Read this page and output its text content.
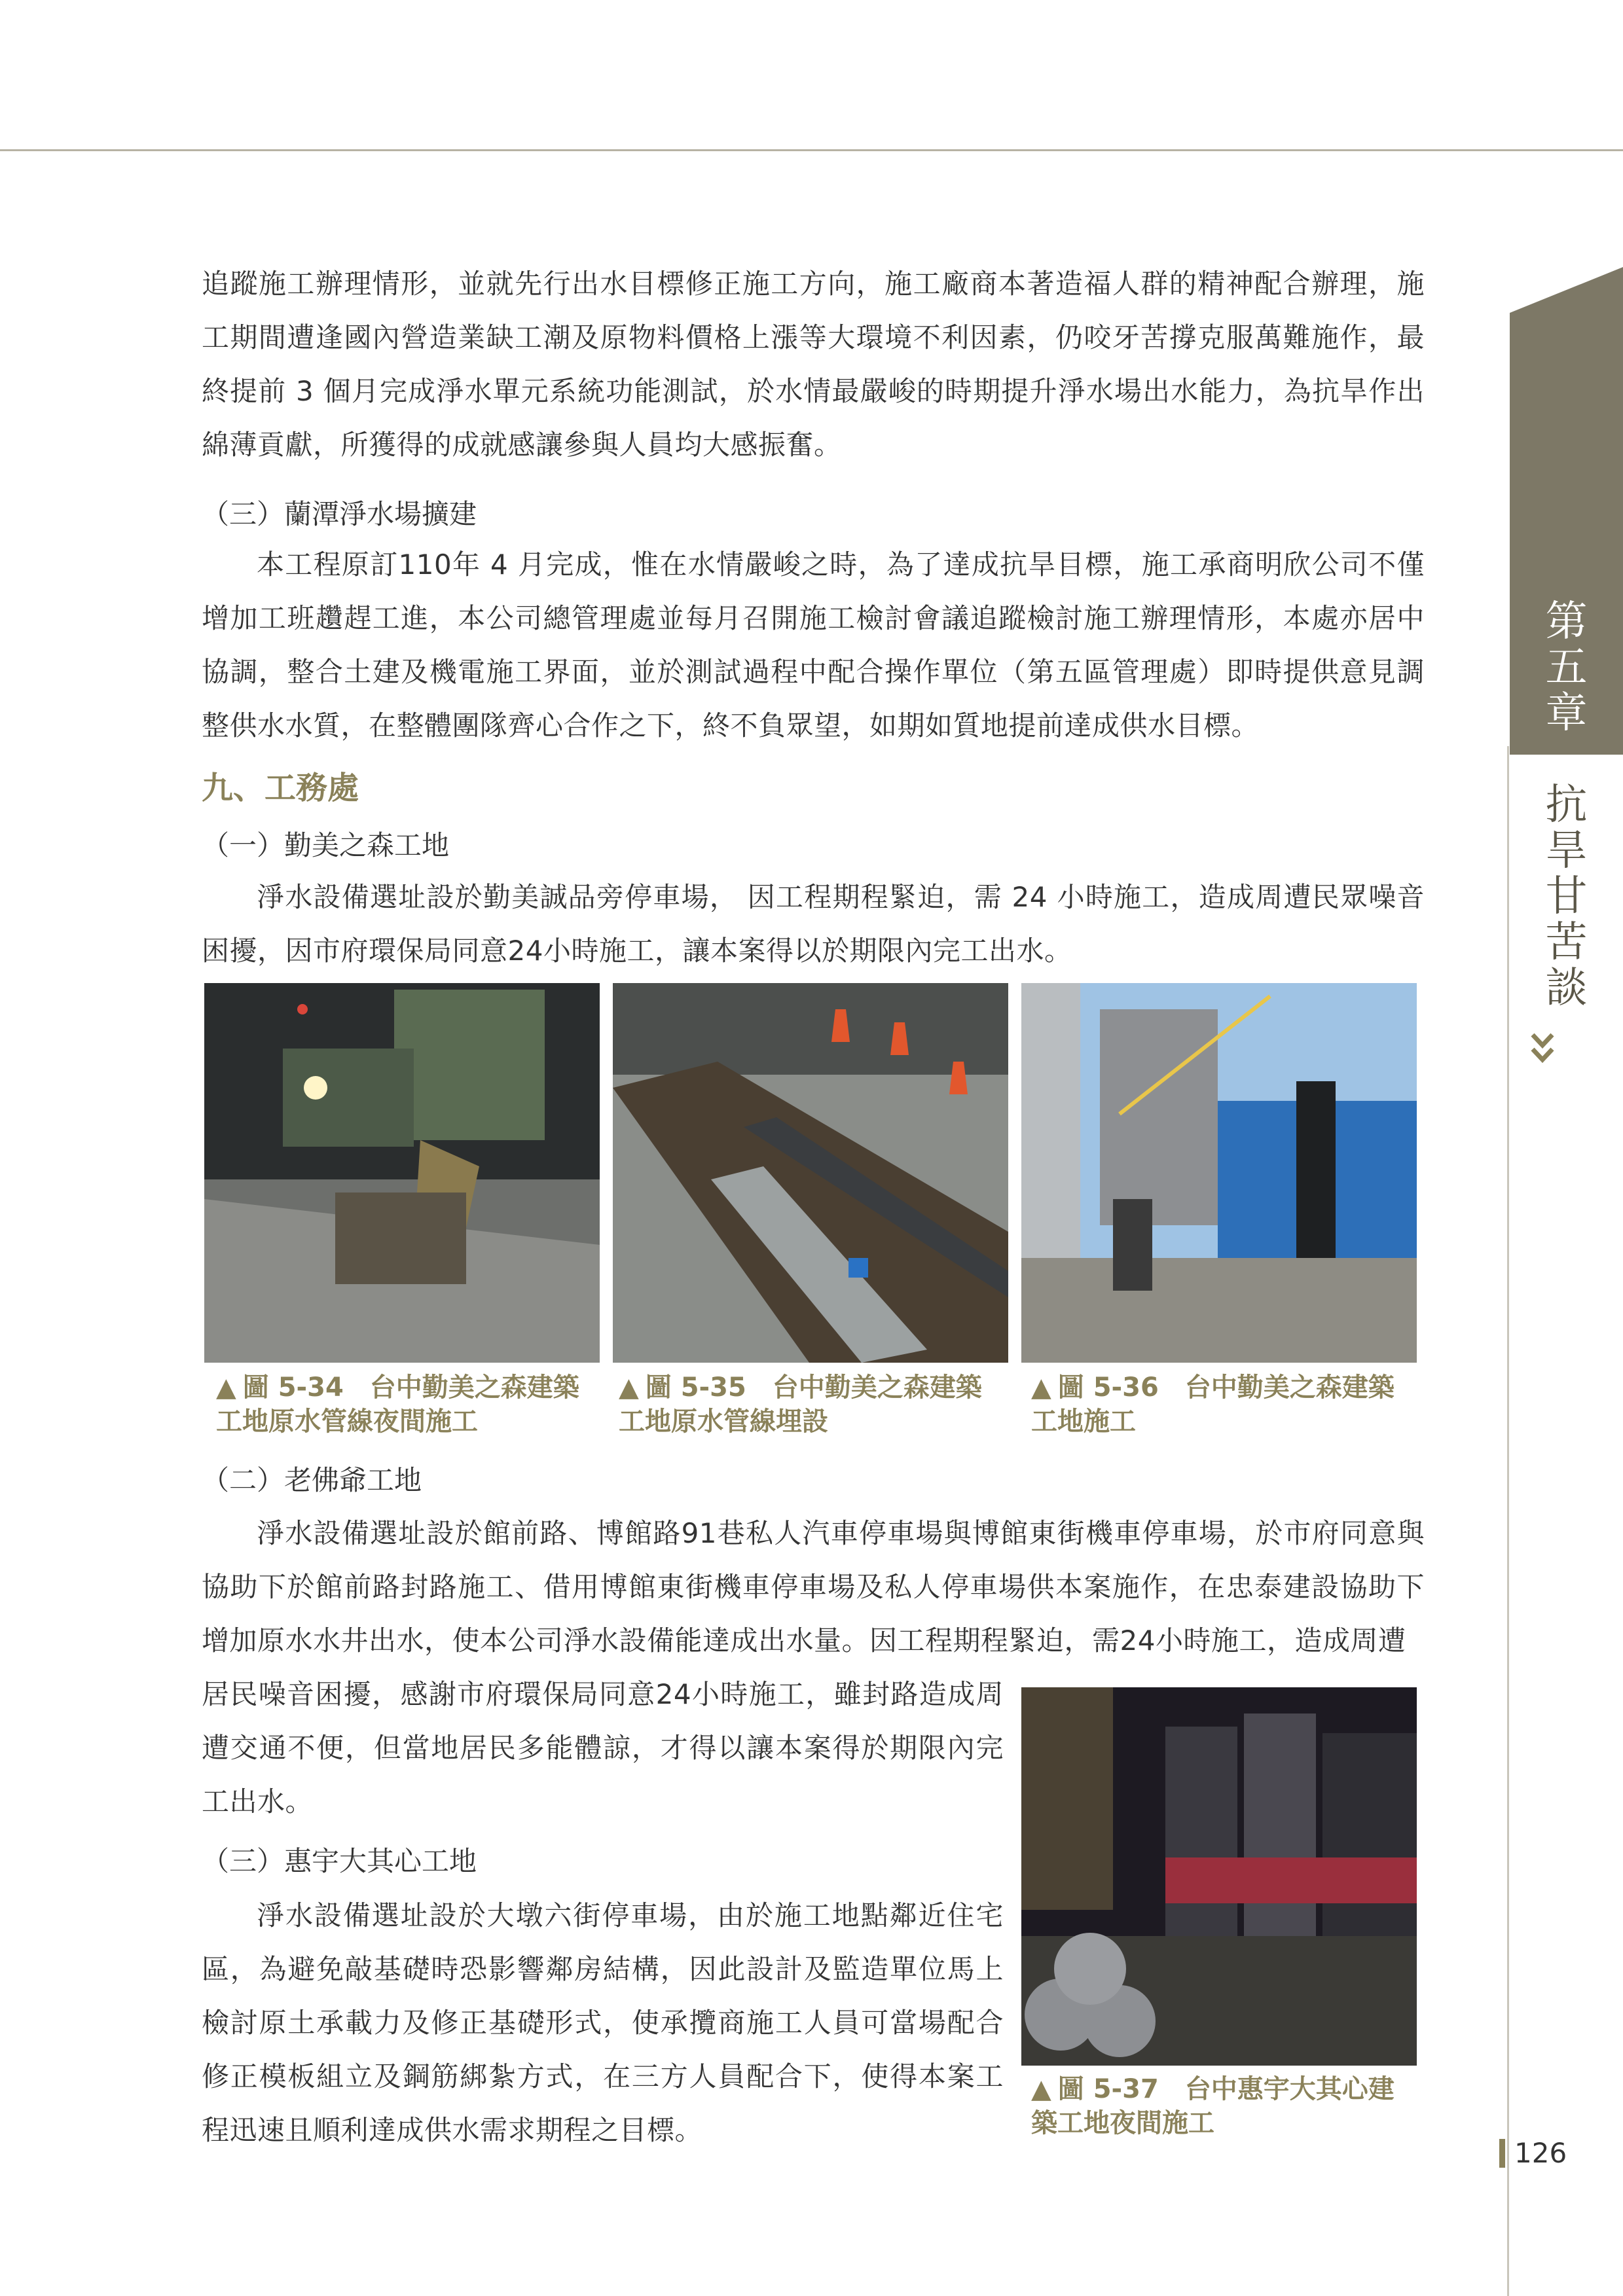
第
五
章
抗
旱
甘
苦
談

追蹤施工辦理情形，並就先行出水目標修正施工方向，施工廠商本著造福人群的精神配合辦理，施工期間遭逢國內營造業缺工潮及原物料價格上漲等大環境不利因素，仍咬牙苦撐克服萬難施作，最終提前 3 個月完成淨水單元系統功能測試，於水情最嚴峻的時期提升淨水場出水能力，為抗旱作出綿薄貢獻，所獲得的成就感讓參與人員均大感振奮。

（三）蘭潭淨水場擴建

本工程原訂110年 4 月完成，惟在水情嚴峻之時，為了達成抗旱目標，施工承商明欣公司不僅增加工班趲趕工進，本公司總管理處並每月召開施工檢討會議追蹤檢討施工辦理情形，本處亦居中協調，整合土建及機電施工界面，並於測試過程中配合操作單位（第五區管理處）即時提供意見調整供水水質，在整體團隊齊心合作之下，終不負眾望，如期如質地提前達成供水目標。

九、工務處

（一）勤美之森工地

淨水設備選址設於勤美誠品旁停車場， 因工程期程緊迫，需 24 小時施工，造成周遭民眾噪音困擾，因市府環保局同意24小時施工，讓本案得以於期限內完工出水。

▲ 圖 5-34　台中勤美之森建築工地原水管線夜間施工
▲ 圖 5-35　台中勤美之森建築工地原水管線埋設
▲ 圖 5-36　台中勤美之森建築工地施工

（二）老佛爺工地

淨水設備選址設於館前路、博館路91巷私人汽車停車場與博館東街機車停車場，於市府同意與協助下於館前路封路施工、借用博館東街機車停車場及私人停車場供本案施作，在忠泰建設協助下增加原水水井出水，使本公司淨水設備能達成出水量。因工程期程緊迫，需24小時施工，造成周遭

居民噪音困擾，感謝市府環保局同意24小時施工，雖封路造成周遭交通不便，但當地居民多能體諒，才得以讓本案得於期限內完工出水。

（三）惠宇大其心工地

淨水設備選址設於大墩六街停車場，由於施工地點鄰近住宅區，為避免敲基礎時恐影響鄰房結構，因此設計及監造單位馬上檢討原土承載力及修正基礎形式，使承攬商施工人員可當場配合修正模板組立及鋼筋綁紮方式，在三方人員配合下，使得本案工程迅速且順利達成供水需求期程之目標。

▲ 圖 5-37　台中惠宇大其心建築工地夜間施工
126
